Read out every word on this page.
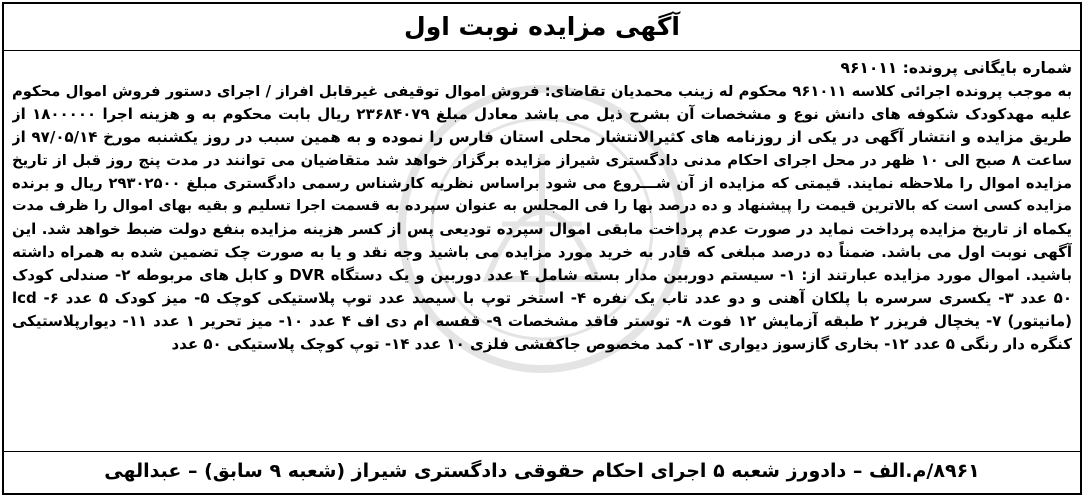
آگهی مزایده نوبت اول
شماره بایگانی پرونده: ۹۶۱۰۱۱
به موجب پرونده اجرائی کلاسه ۹۶۱۰۱۱ محکوم له زینب محمدیان تقاضای: فروش اموال توقیفی غیرقابل افراز / اجرای دستور فروش اموال محکوم
علیه مهدکودک شکوفه های دانش نوع و مشخصات آن بشرح ذیل می باشد معادل مبلغ ۲۳۶۸۴۰۷۹ ریال بابت محکوم به و هزینه اجرا ۱۸۰۰۰۰۰ از
طریق مزایده و انتشار آگهی در یکی از روزنامه های کثیرالانتشار محلی استان فارس را نموده و به همین سبب در روز یکشنبه مورخ ۹۷/۰۵/۱۴ از
ساعت ۸ صبح الی ۱۰ ظهر در محل اجرای احکام مدنی دادگستری شیراز مزایده برگزار خواهد شد متقاضیان می توانند در مدت پنج روز قبل از تاریخ
مزایده اموال را ملاحظه نمایند. قیمتی که مزایده از آن شـــروع می شود براساس نظریه کارشناس رسمی دادگستری مبلغ ۲۹۳۰۲۵۰۰ ریال و برنده
مزایده کسی است که بالاترین قیمت را پیشنهاد و ده درصد بها را فی المجلس به عنوان سپرده به قسمت اجرا تسلیم و بقیه بهای اموال را ظرف مدت
یکماه از تاریخ مزایده پرداخت نماید در صورت عدم پرداخت مابقی اموال سپرده تودیعی پس از کسر هزینه مزایده بنفع دولت ضبط خواهد شد. این
آگهی نوبت اول می باشد. ضمناً ده درصد مبلغی که قادر به خرید مورد مزایده می باشید وجه نقد و یا به صورت چک تضمین شده به همراه داشته
باشید. اموال مورد مزایده عبارتند از: ۱- سیستم دوربین مدار بسته شامل ۴ عدد دوربین و یک دستگاه DVR و کابل های مربوطه ۲- صندلی کودک
۵۰ عدد ۳- یکسری سرسره با پلکان آهنی و دو عدد تاب یک نفره ۴- استخر توپ با سیصد عدد توپ پلاستیکی کوچک ۵- میز کودک ۵ عدد ۶- lcd
(مانیتور) ۷- یخچال فریزر ۲ طبقه آزمایش ۱۲ فوت ۸- توستر فاقد مشخصات ۹- قفسه ام دی اف ۴ عدد ۱۰- میز تحریر ۱ عدد ۱۱- دیوارپلاستیکی
کنگره دار رنگی ۵ عدد ۱۲- بخاری گازسوز دیواری ۱۳- کمد مخصوص جاکفشی فلزی ۱۰ عدد ۱۴- توپ کوچک پلاستیکی ۵۰ عدد
۸۹۶۱/م.الف – دادورز شعبه ۵ اجرای احکام حقوقی دادگستری شیراز (شعبه ۹ سابق) – عبدالهی
